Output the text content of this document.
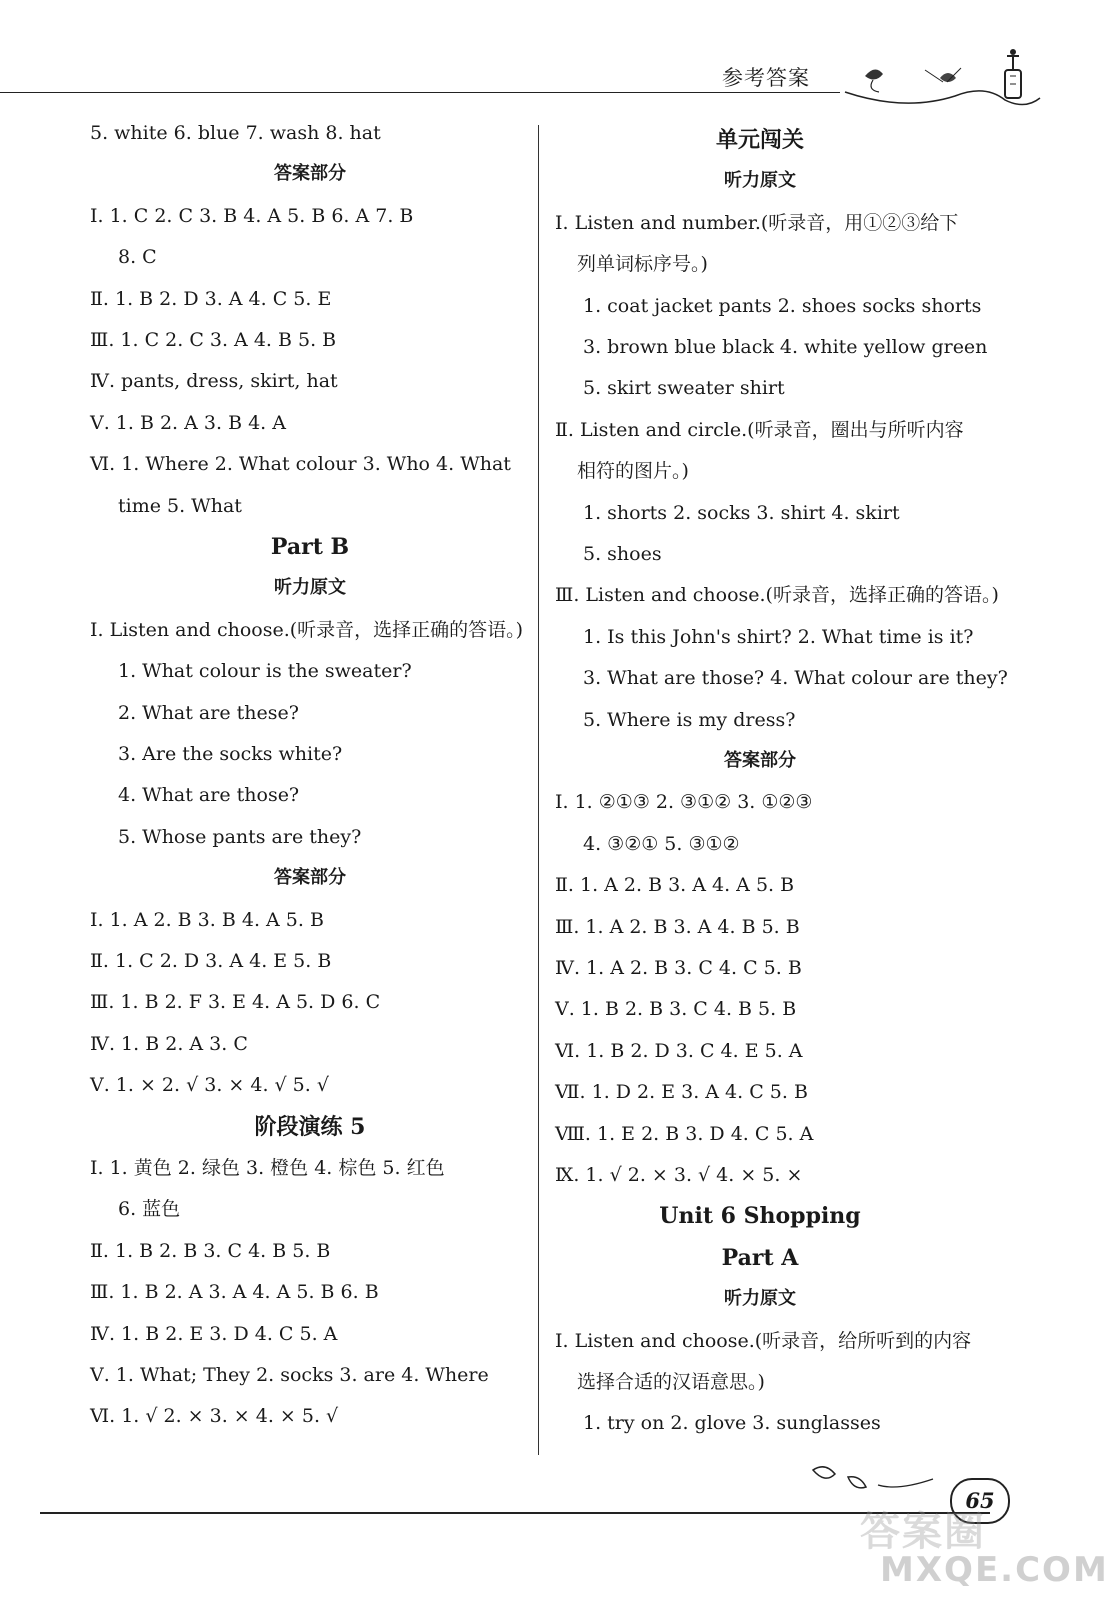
参考答案
5. white 6. blue 7. wash 8. hat
答案部分
Ⅰ. 1. C 2. C 3. B 4. A 5. B 6. A 7. B
8. C
Ⅱ. 1. B 2. D 3. A 4. C 5. E
Ⅲ. 1. C 2. C 3. A 4. B 5. B
Ⅳ. pants, dress, skirt, hat
Ⅴ. 1. B 2. A 3. B 4. A
Ⅵ. 1. Where 2. What colour 3. Who 4. What
time 5. What
Part B
听力原文
Ⅰ. Listen and choose.(听录音，选择正确的答语。)
1. What colour is the sweater?
2. What are these?
3. Are the socks white?
4. What are those?
5. Whose pants are they?
答案部分
Ⅰ. 1. A 2. B 3. B 4. A 5. B
Ⅱ. 1. C 2. D 3. A 4. E 5. B
Ⅲ. 1. B 2. F 3. E 4. A 5. D 6. C
Ⅳ. 1. B 2. A 3. C
Ⅴ. 1. × 2. √ 3. × 4. √ 5. √
阶段演练 5
Ⅰ. 1. 黄色 2. 绿色 3. 橙色 4. 棕色 5. 红色
6. 蓝色
Ⅱ. 1. B 2. B 3. C 4. B 5. B
Ⅲ. 1. B 2. A 3. A 4. A 5. B 6. B
Ⅳ. 1. B 2. E 3. D 4. C 5. A
Ⅴ. 1. What; They 2. socks 3. are 4. Where
Ⅵ. 1. √ 2. × 3. × 4. × 5. √
单元闯关
听力原文
Ⅰ. Listen and number.(听录音，用①②③给下
列单词标序号。)
1. coat jacket pants 2. shoes socks shorts
3. brown blue black 4. white yellow green
5. skirt sweater shirt
Ⅱ. Listen and circle.(听录音，圈出与所听内容
相符的图片。)
1. shorts 2. socks 3. shirt 4. skirt
5. shoes
Ⅲ. Listen and choose.(听录音，选择正确的答语。)
1. Is this John's shirt? 2. What time is it?
3. What are those? 4. What colour are they?
5. Where is my dress?
答案部分
Ⅰ. 1. ②①③ 2. ③①② 3. ①②③
4. ③②① 5. ③①②
Ⅱ. 1. A 2. B 3. A 4. A 5. B
Ⅲ. 1. A 2. B 3. A 4. B 5. B
Ⅳ. 1. A 2. B 3. C 4. C 5. B
Ⅴ. 1. B 2. B 3. C 4. B 5. B
Ⅵ. 1. B 2. D 3. C 4. E 5. A
Ⅶ. 1. D 2. E 3. A 4. C 5. B
Ⅷ. 1. E 2. B 3. D 4. C 5. A
Ⅸ. 1. √ 2. × 3. √ 4. × 5. ×
Unit 6 Shopping
Part A
听力原文
Ⅰ. Listen and choose.(听录音，给所听到的内容
选择合适的汉语意思。)
1. try on 2. glove 3. sunglasses
65
答案圈
MXQE.COM
